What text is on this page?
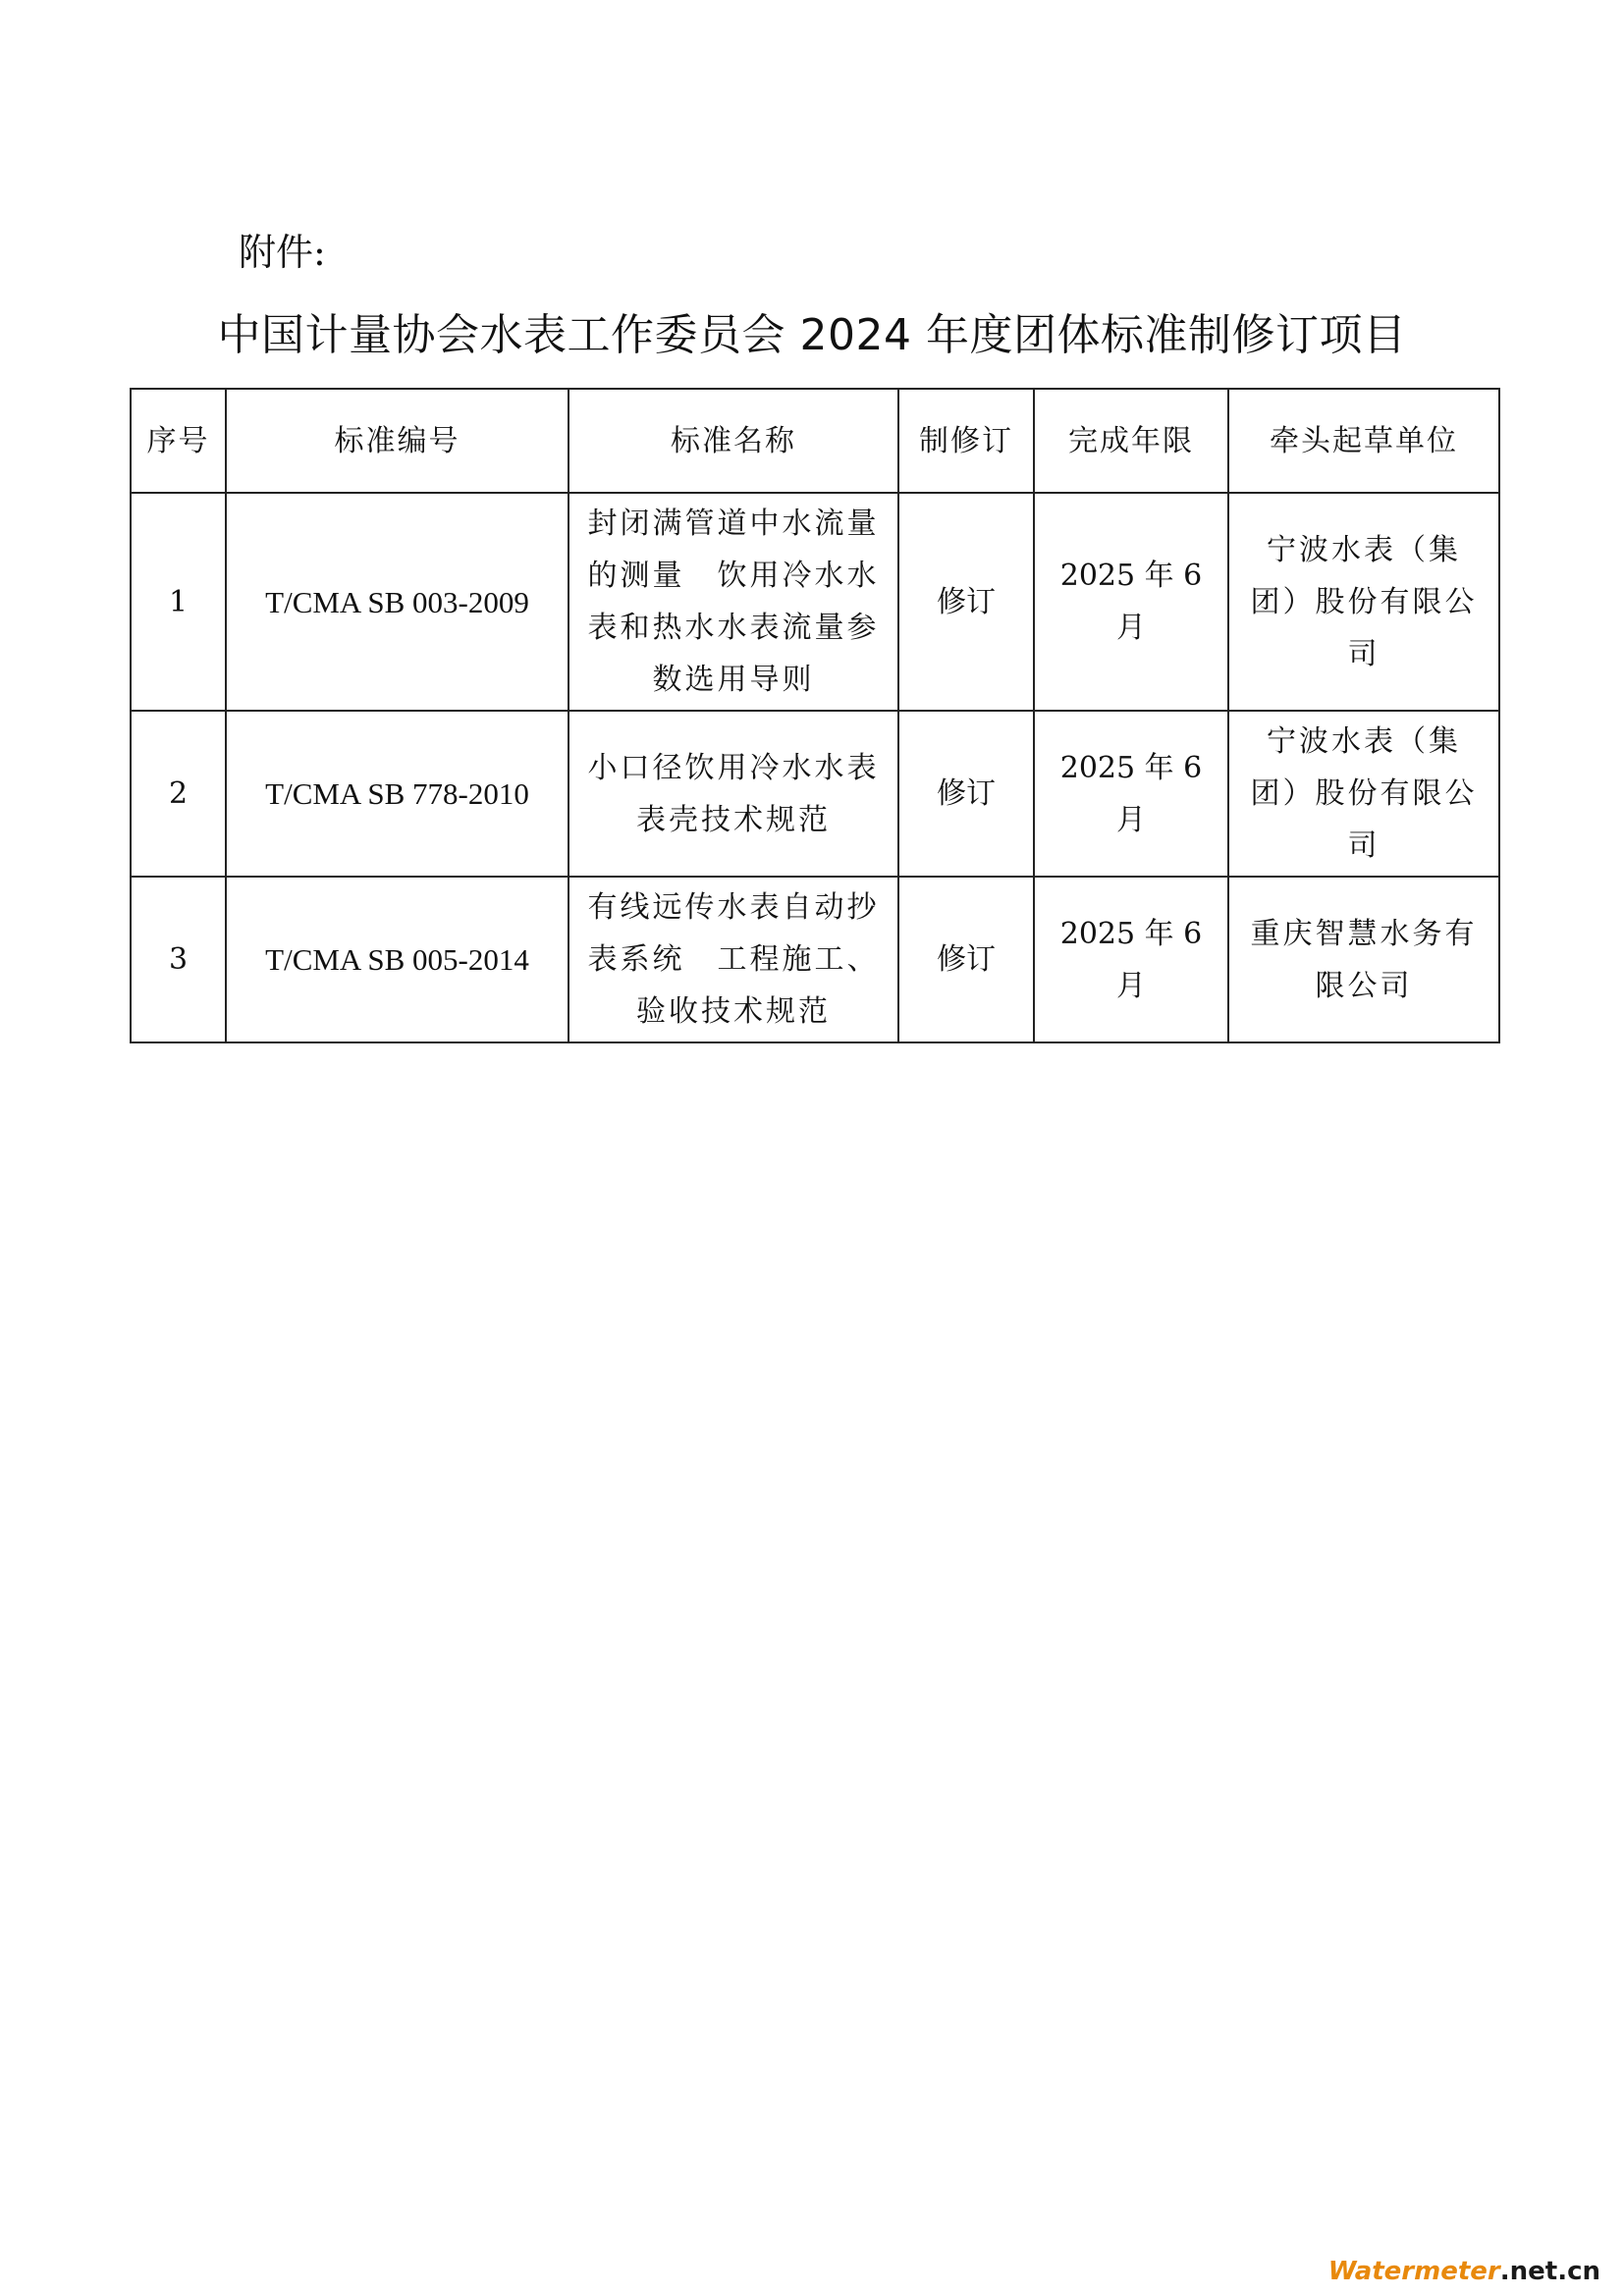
附件:
中国计量协会水表工作委员会 2024 年度团体标准制修订项目
序号	标准编号	标准名称	制修订	完成年限	牵头起草单位
1	T/CMA SB 003-2009	封闭满管道中水流量的测量　饮用冷水水表和热水水表流量参数选用导则	修订	2025 年 6 月	宁波水表（集团）股份有限公司
2	T/CMA SB 778-2010	小口径饮用冷水水表表壳技术规范	修订	2025 年 6 月	宁波水表（集团）股份有限公司
3	T/CMA SB 005-2014	有线远传水表自动抄表系统　工程施工、验收技术规范	修订	2025 年 6 月	重庆智慧水务有限公司
Watermeter.net.cn
